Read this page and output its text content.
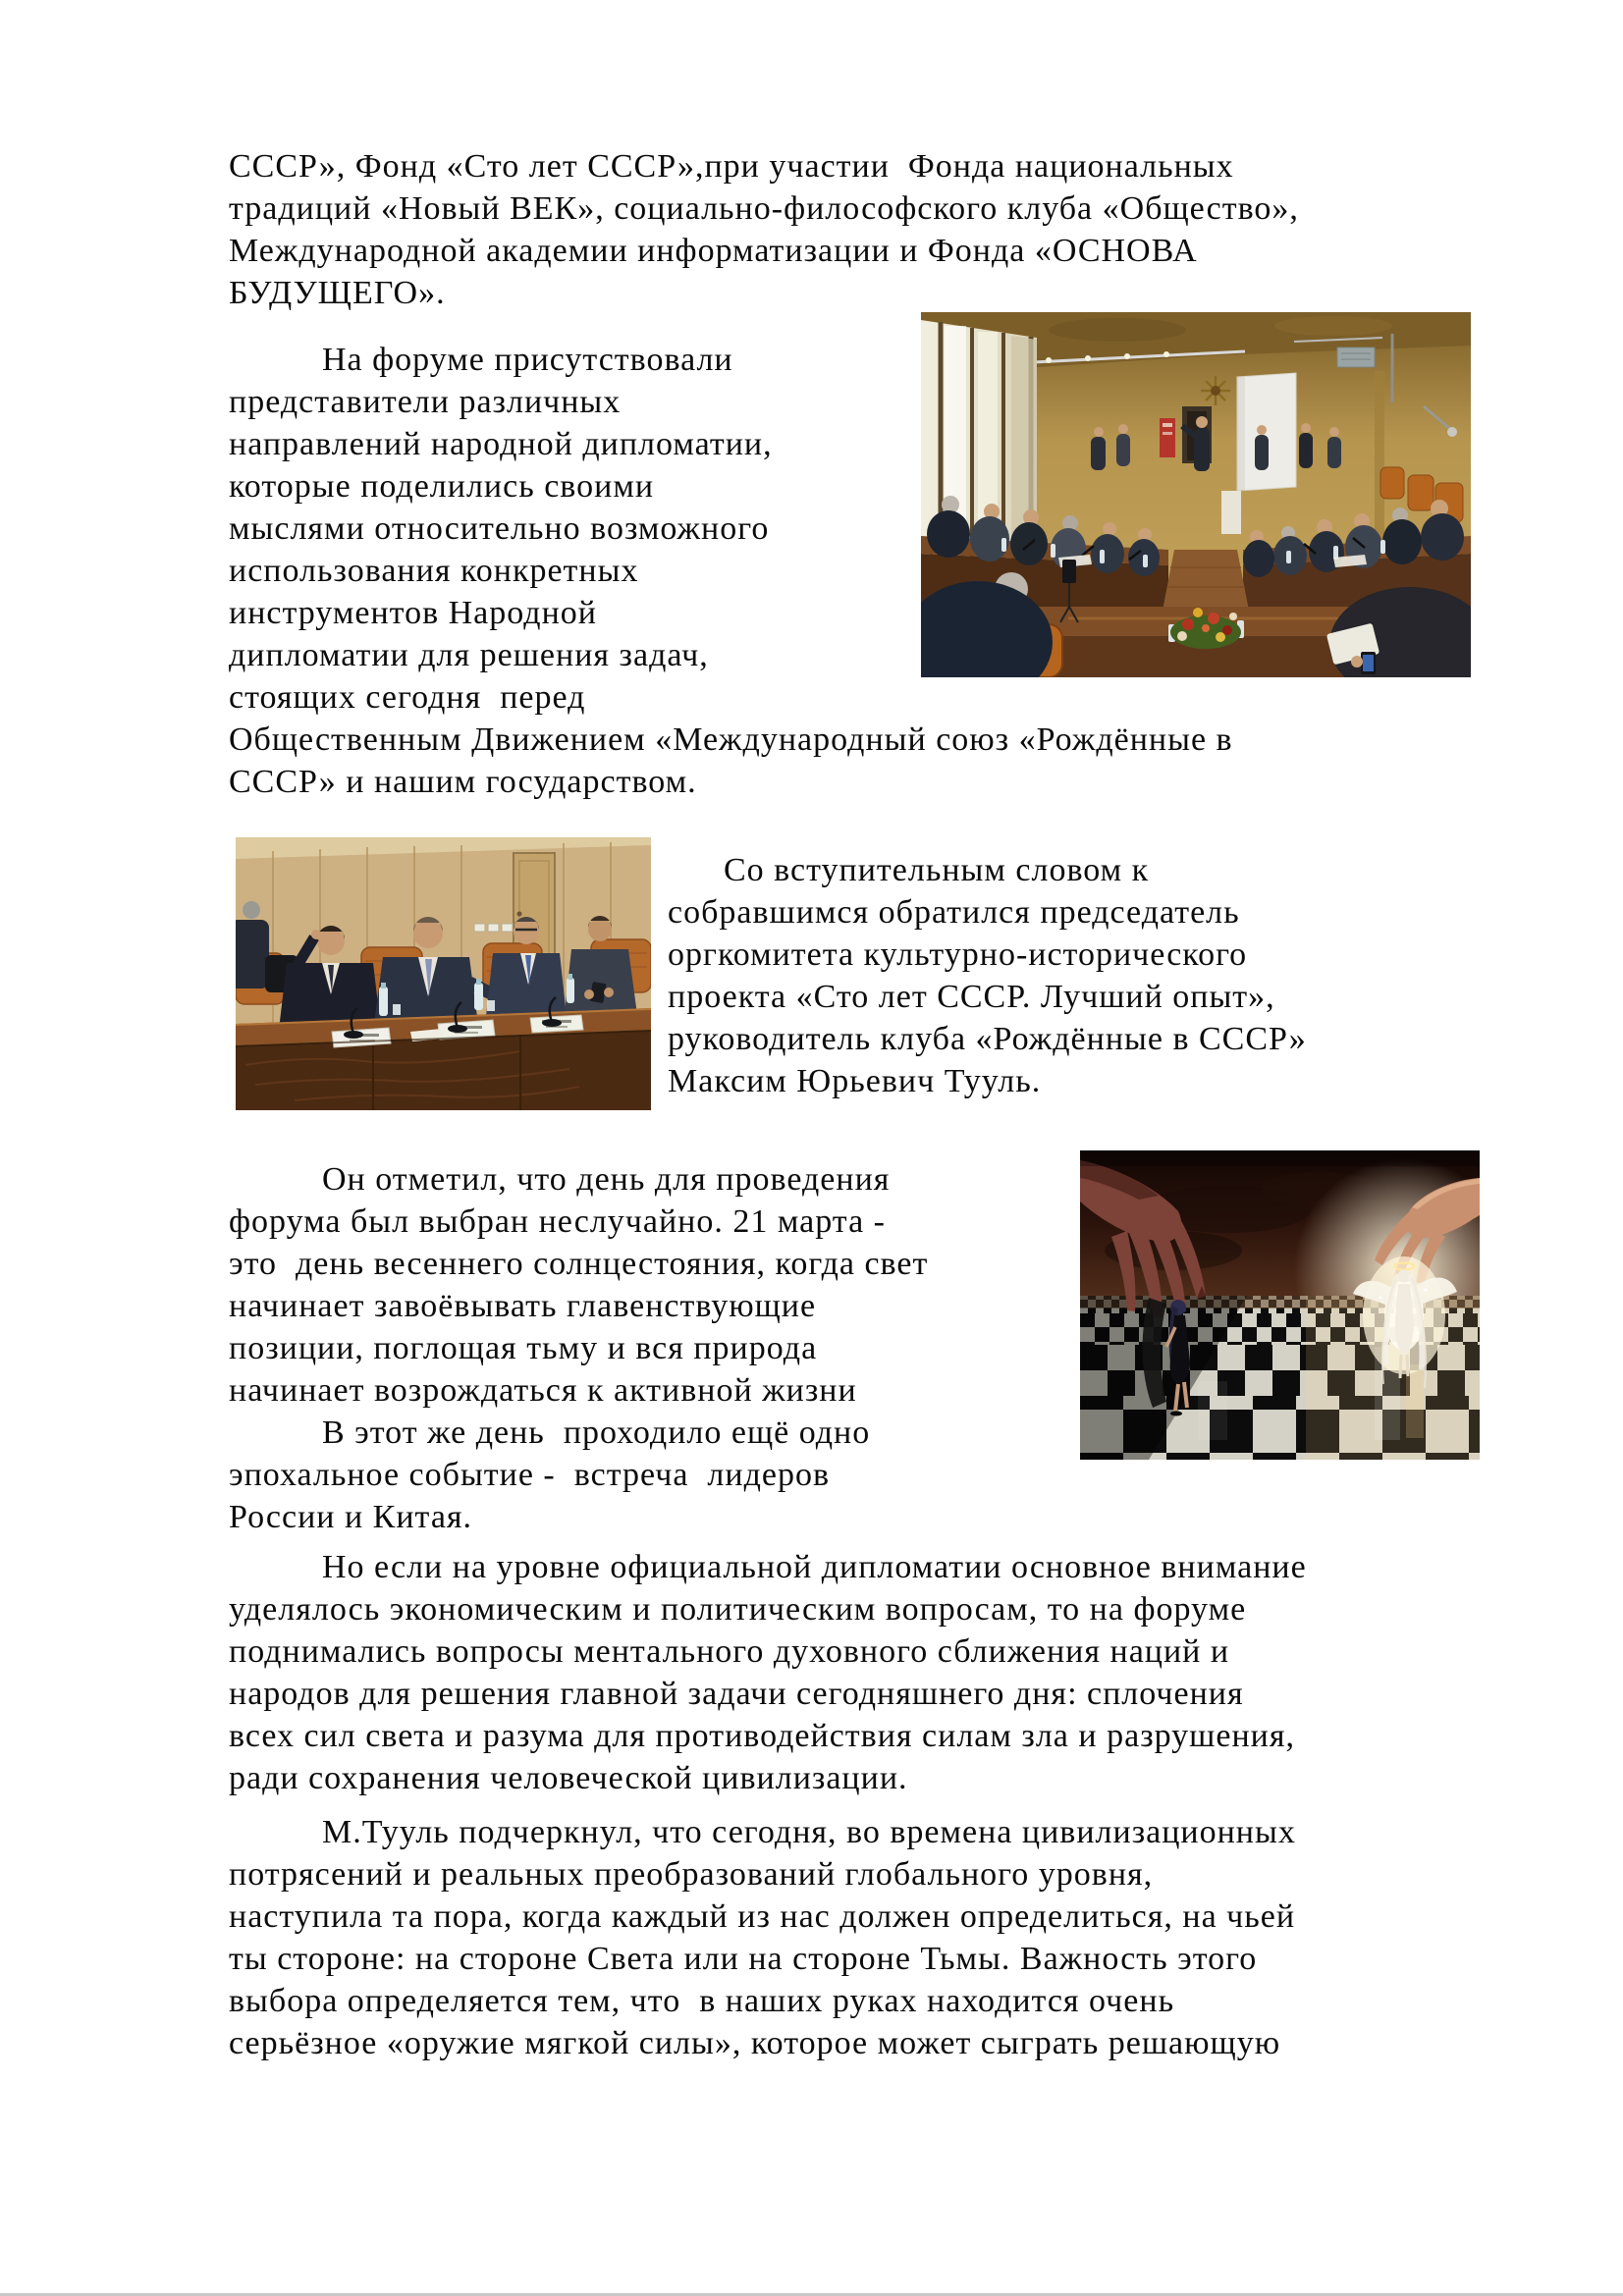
СССР», Фонд «Сто лет СССР»,при участии  Фонда национальных
традиций «Новый ВЕК», социально-философского клуба «Общество»,
Международной академии информатизации и Фонда «ОСНОВА
БУДУЩЕГО».
На форуме присутствовали
представители различных
направлений народной дипломатии,
которые поделились своими
мыслями относительно возможного
использования конкретных
инструментов Народной
дипломатии для решения задач,
стоящих сегодня  перед
Общественным Движением «Международный союз «Рождённые в
СССР» и нашим государством.
Со вступительным словом к
собравшимся обратился председатель
оргкомитета культурно-исторического
проекта «Сто лет СССР. Лучший опыт»,
руководитель клуба «Рождённые в СССР»
Максим Юрьевич Тууль.
Он отметил, что день для проведения
форума был выбран неслучайно. 21 марта -
это  день весеннего солнцестояния, когда свет
начинает завоёвывать главенствующие
позиции, поглощая тьму и вся природа
начинает возрождаться к активной жизни
В этот же день  проходило ещё одно
эпохальное событие -  встреча  лидеров
России и Китая.
Но если на уровне официальной дипломатии основное внимание
уделялось экономическим и политическим вопросам, то на форуме
поднимались вопросы ментального духовного сближения наций и
народов для решения главной задачи сегодняшнего дня: сплочения
всех сил света и разума для противодействия силам зла и разрушения,
ради сохранения человеческой цивилизации.
М.Тууль подчеркнул, что сегодня, во времена цивилизационных
потрясений и реальных преобразований глобального уровня,
наступила та пора, когда каждый из нас должен определиться, на чьей
ты стороне: на стороне Света или на стороне Тьмы. Важность этого
выбора определяется тем, что  в наших руках находится очень
серьёзное «оружие мягкой силы», которое может сыграть решающую
